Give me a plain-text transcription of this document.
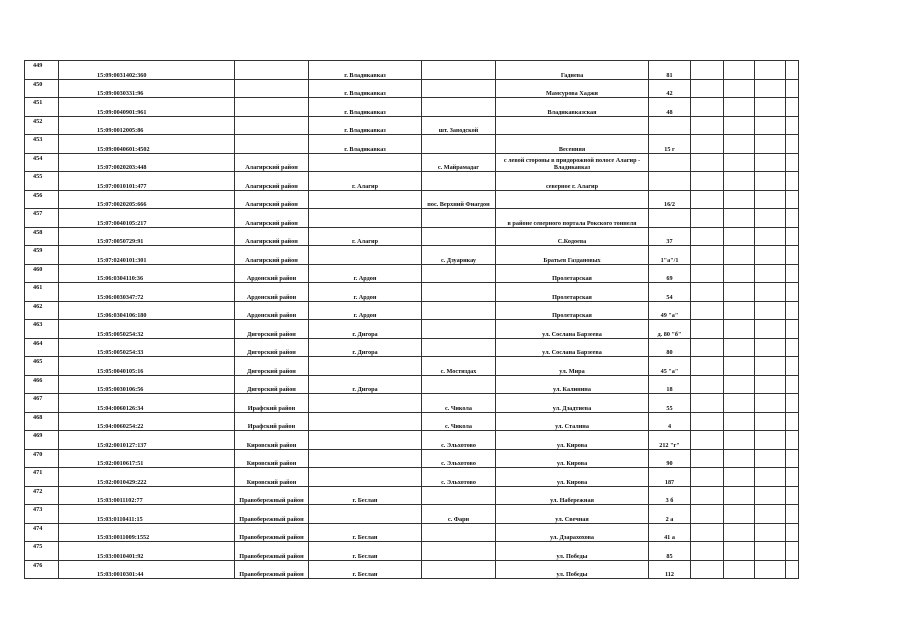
449	15:09:0031402:360		г. Владикавказ		Гадиева	81				
450	15:09:0030331:96		г. Владикавказ		Мамсурова Хаджи	42				
451	15:09:0040901:961		г. Владикавказ		Владикавказская	48				
452	15:09:0012005:86		г. Владикавказ	шт. Заводской						
453	15:09:0040601:4502		г. Владикавказ		Весенняя	15 г				
454	15:07:0020203:448	Алагирский район		с. Майрамадаг	с левой стороны в придорожной полосе Алагир - Владикавказ					
455	15:07:0010101:477	Алагирский район	г. Алагир		северное г. Алагир					
456	15:07:0020205:666	Алагирский район		пос. Верхний Фиагдон		16/2				
457	15:07:0040105:217	Алагирский район			в районе северного портала Рокского тоннеля					
458	15:07:0050729:91	Алагирский район	г. Алагир		С.Кодоева	37				
459	15:07:0240101:301	Алагирский район		с. Дзуарикау	Братьев Газдановых	1"а"/1				
460	15:06:0304110:36	Ардонский район	г. Ардон		Пролетарская	69				
461	15:06:0030347:72	Ардонский район	г. Ардон		Пролетарская	54				
462	15:06:0304106:180	Ардонский район	г. Ардон		Пролетарская	49 "а"				
463	15:05:0050254:32	Дигорский район	г. Дигора		ул. Сослана Барзеева	д. 80 "б"				
464	15:05:0050254:33	Дигорский район	г. Дигора		ул. Сослана Барзеева	80				
465	15:05:0040105:16	Дигорский район		с. Мостиздах	ул. Мира	45 "а"				
466	15:05:0030106:56	Дигорский район	г. Дигора		ул. Калинина	18				
467	15:04:0060126:34	Ирафский район		с. Чикола	ул. Дзадтиева	55				
468	15:04:0060254:22	Ирафский район		с. Чикола	ул. Сталина	4				
469	15:02:0010127:137	Кировский район		с. Эльхотово	ул. Кирова	212 "г"				
470	15:02:0010617:51	Кировский район		с. Эльхотово	ул. Кирова	90				
471	15:02:0010429:222	Кировский район		с. Эльхотово	ул. Кирова	187				
472	15:03:0011102:77	Правобережный район	г. Беслан		ул. Набережная	3 б				
473	15:03:0110411:15	Правобережный район		с. Фарн	ул. Свечная	2 а				
474	15:03:0011009:1552	Правобережный район	г. Беслан		ул. Дзарахохова	41 а				
475	15:03:0010401:92	Правобережный район	г. Беслан		ул. Победы	85				
476	15:03:0010301:44	Правобережный район	г. Беслан		ул. Победы	112				
